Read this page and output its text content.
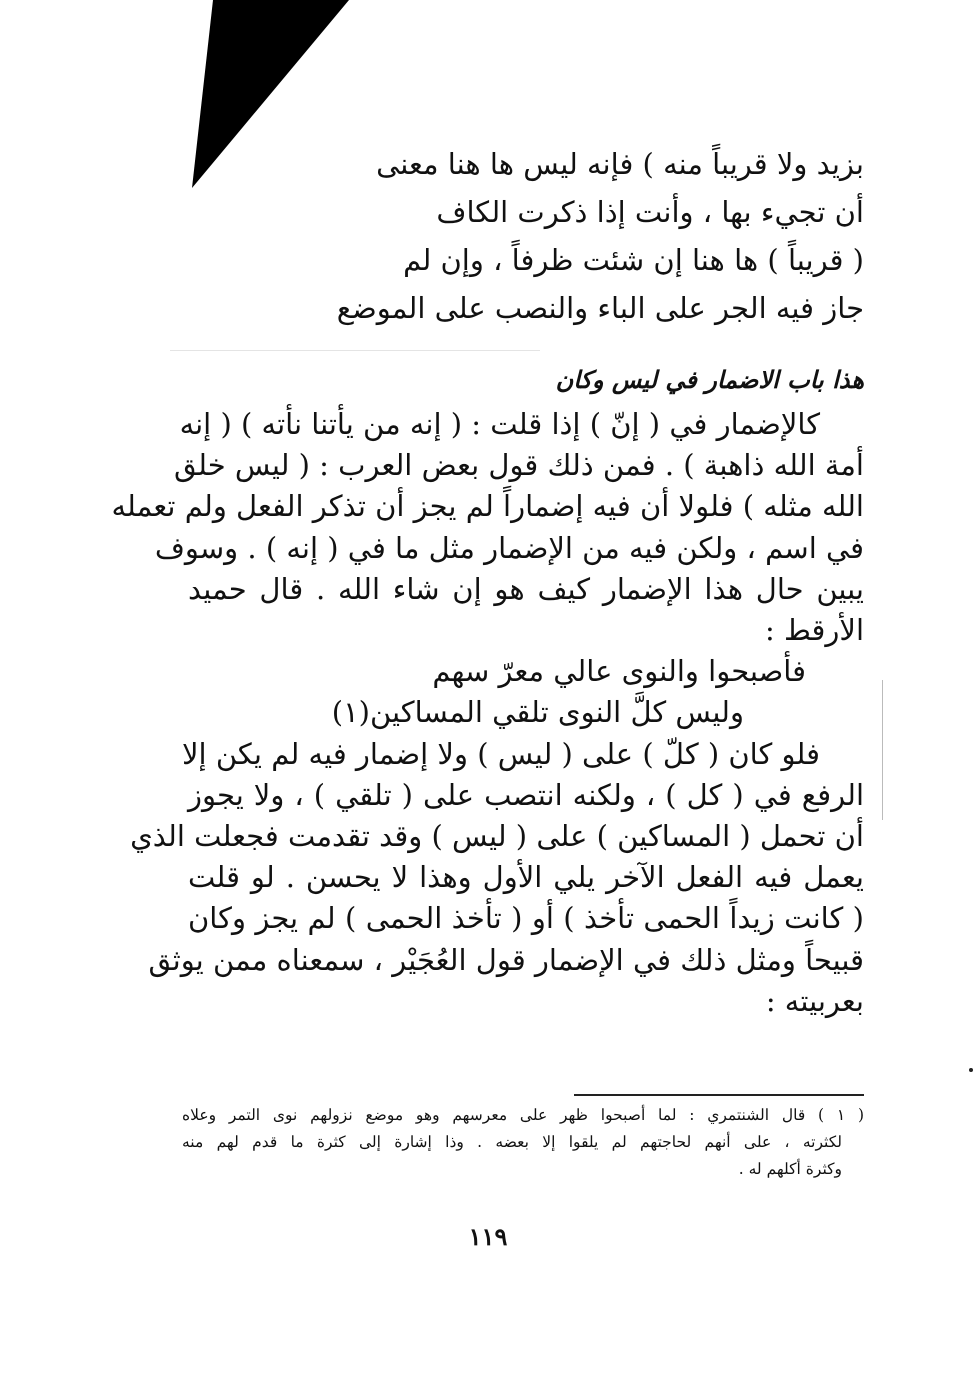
بزيد ولا قريباً منه ) فإنه ليس ها هنا معنى
أن تجيء بها ، وأنت إذا ذكرت الكاف
( قريباً ) ها هنا إن شئت ظرفاً ، وإن لم
جاز فيه الجر على الباء والنصب على الموضع
هذا باب الاضمار في ليس وكان
كالإضمار في ( إنّ ) إذا قلت : ( إنه من يأتنا نأته ) ( إنه
أمة الله ذاهبة ) . فمن ذلك قول بعض العرب : ( ليس خلق
الله مثله ) فلولا أن فيه إضماراً لم يجز أن تذكر الفعل ولم تعمله
في اسم ، ولكن فيه من الإضمار مثل ما في ( إنه ) . وسوف
يبين حال هذا الإضمار كيف هو إن شاء الله . قال حميد
الأرقط :
فأصبحوا والنوى عالي معرّ سهم
وليس كلَّ النوى تلقي المساكين(١)
فلو كان ( كلّ ) على ( ليس ) ولا إضمار فيه لم يكن إلا
الرفع في ( كل ) ، ولكنه انتصب على ( تلقي ) ، ولا يجوز
أن تحمل ( المساكين ) على ( ليس ) وقد تقدمت فجعلت الذي
يعمل فيه الفعل الآخر يلي الأول وهذا لا يحسن . لو قلت
( كانت زيداً الحمى تأخذ ) أو ( تأخذ الحمى ) لم يجز وكان
قبيحاً ومثل ذلك في الإضمار قول العُجَيْر ، سمعناه ممن يوثق
بعربيته :
( ١ ) قال الشنتمري : لما أصبحوا ظهر على معرسهم وهو موضع نزولهم نوى التمر وعلاه
لكثرته ، على أنهم لحاجتهم لم يلقوا إلا بعضه . وذا إشارة إلى كثرة ما قدم لهم منه
وكثرة أكلهم له .
١١٩
